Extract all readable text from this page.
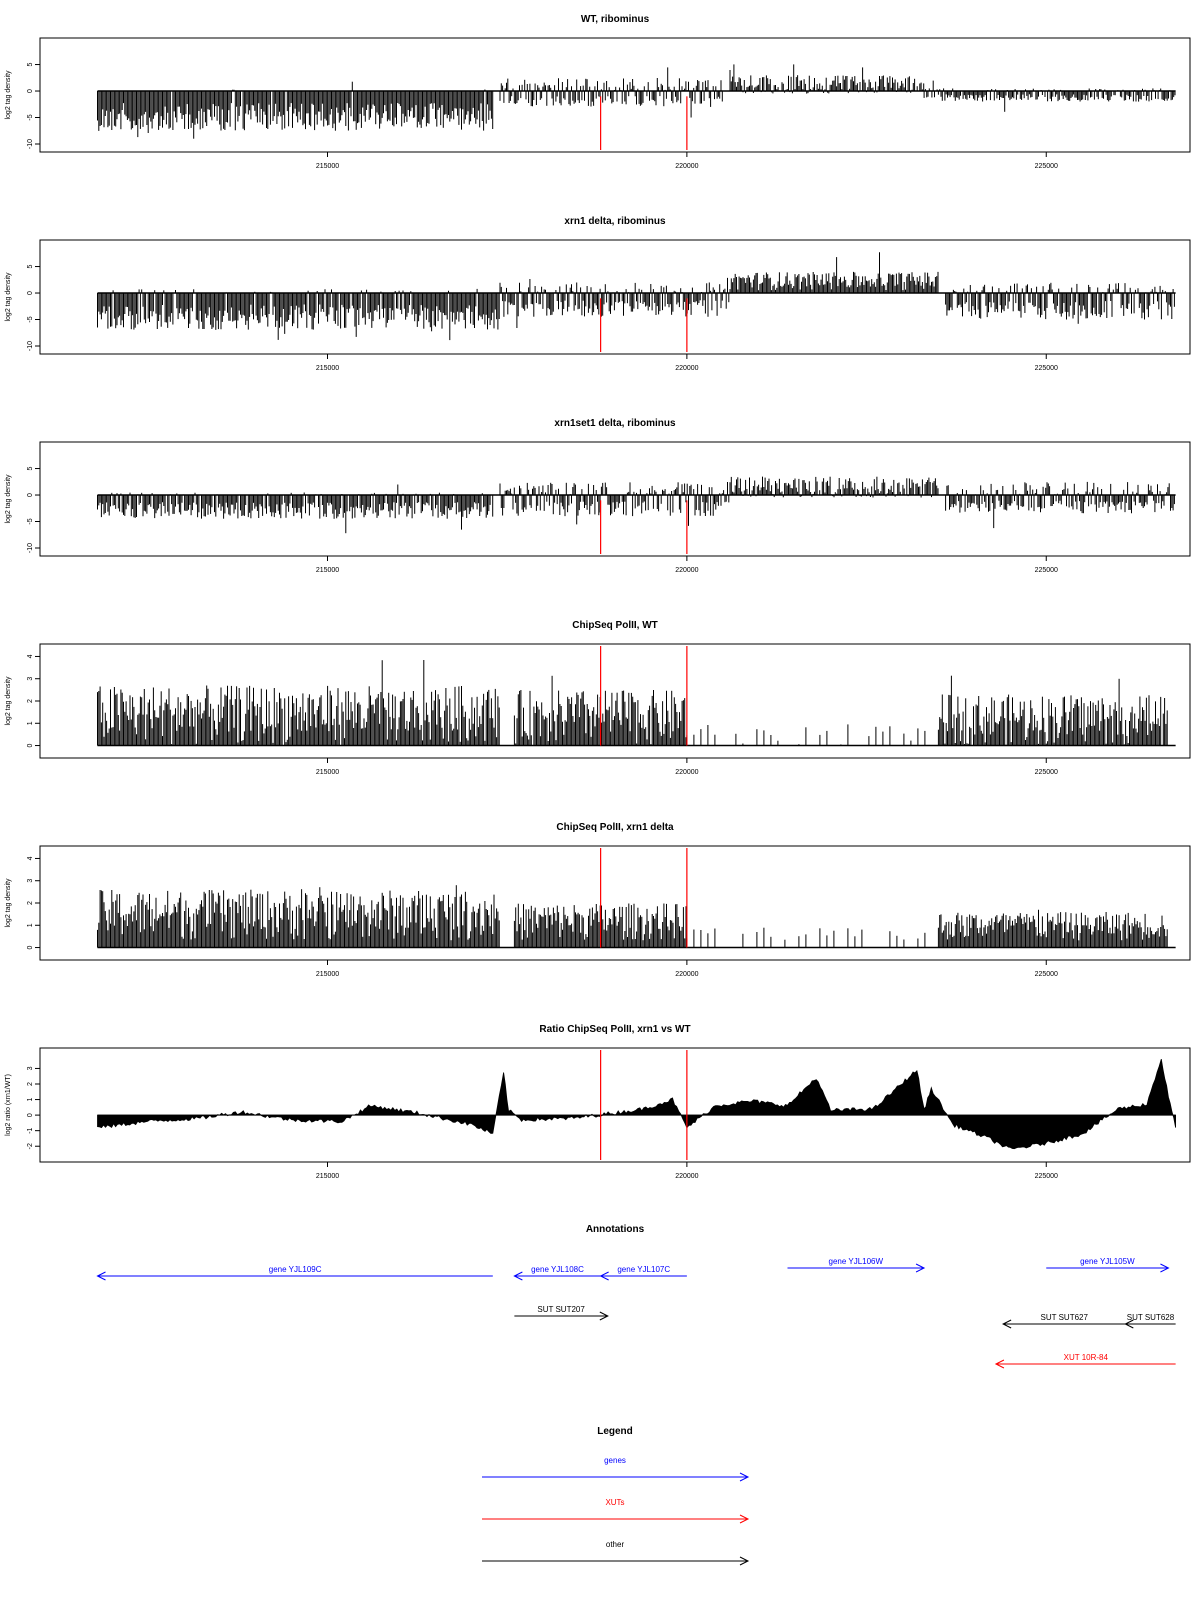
WT, ribominus
-10
-5
0
5
log2 tag density
215000	220000	225000
xrn1 delta, ribominus
-10
-5
0
5
log2 tag density
215000	220000	225000
xrn1set1 delta, ribominus
-10
-5
0
5
log2 tag density
215000	220000	225000
ChipSeq PolII, WT
0
1
2
3
4
log2 tag density
215000	220000	225000
ChipSeq PolII, xrn1 delta
0
1
2
3
4
log2 tag density
215000	220000	225000
Ratio ChipSeq PolII, xrn1 vs WT
-2
-1
0
1
2
3
log2 ratio (xrn1/WT)
215000	220000	225000
Annotations
gene YJL109C	gene YJL108C	gene YJL107C
gene YJL106W	gene YJL105W
SUT SUT207
SUT SUT627	SUT SUT628
XUT 10R-84
Legend
genes
XUTs
other
